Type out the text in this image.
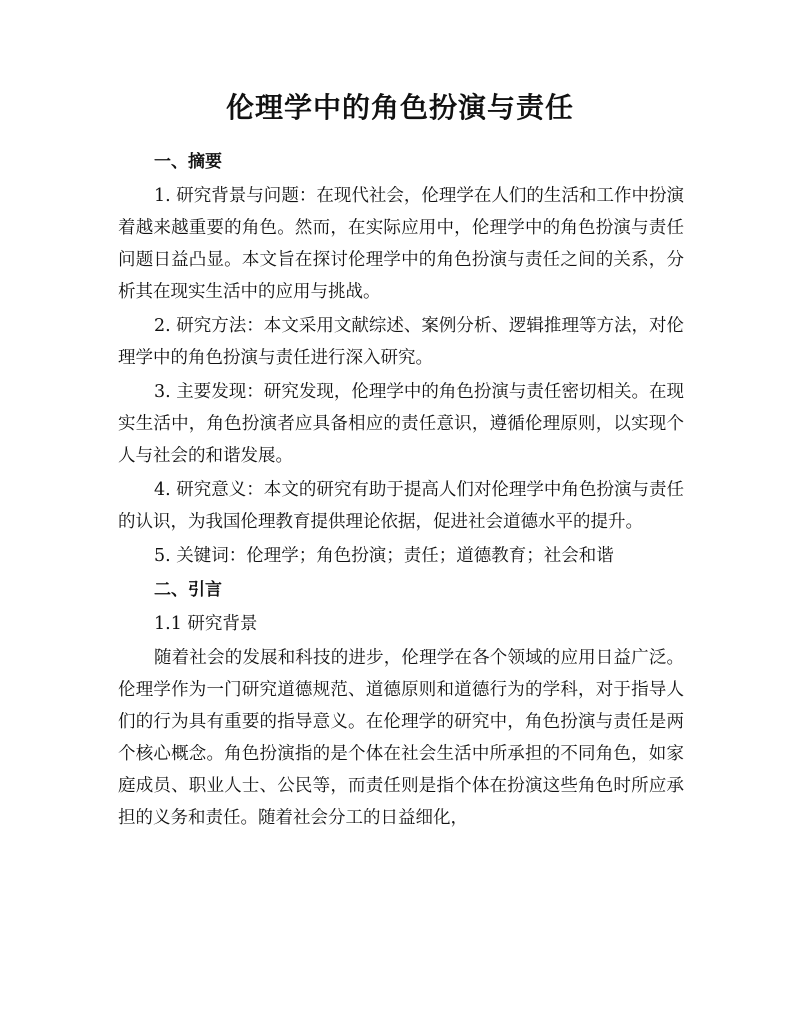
伦理学中的角色扮演与责任

一、摘要

1. 研究背景与问题：在现代社会，伦理学在人们的生活和工作中扮演着越来越重要的角色。然而，在实际应用中，伦理学中的角色扮演与责任问题日益凸显。本文旨在探讨伦理学中的角色扮演与责任之间的关系，分析其在现实生活中的应用与挑战。

2. 研究方法：本文采用文献综述、案例分析、逻辑推理等方法，对伦理学中的角色扮演与责任进行深入研究。

3. 主要发现：研究发现，伦理学中的角色扮演与责任密切相关。在现实生活中，角色扮演者应具备相应的责任意识，遵循伦理原则，以实现个人与社会的和谐发展。

4. 研究意义：本文的研究有助于提高人们对伦理学中角色扮演与责任的认识，为我国伦理教育提供理论依据，促进社会道德水平的提升。

5. 关键词：伦理学；角色扮演；责任；道德教育；社会和谐

二、引言

1.1 研究背景

随着社会的发展和科技的进步，伦理学在各个领域的应用日益广泛。伦理学作为一门研究道德规范、道德原则和道德行为的学科，对于指导人们的行为具有重要的指导意义。在伦理学的研究中，角色扮演与责任是两个核心概念。角色扮演指的是个体在社会生活中所承担的不同角色，如家庭成员、职业人士、公民等，而责任则是指个体在扮演这些角色时所应承担的义务和责任。随着社会分工的日益细化，
